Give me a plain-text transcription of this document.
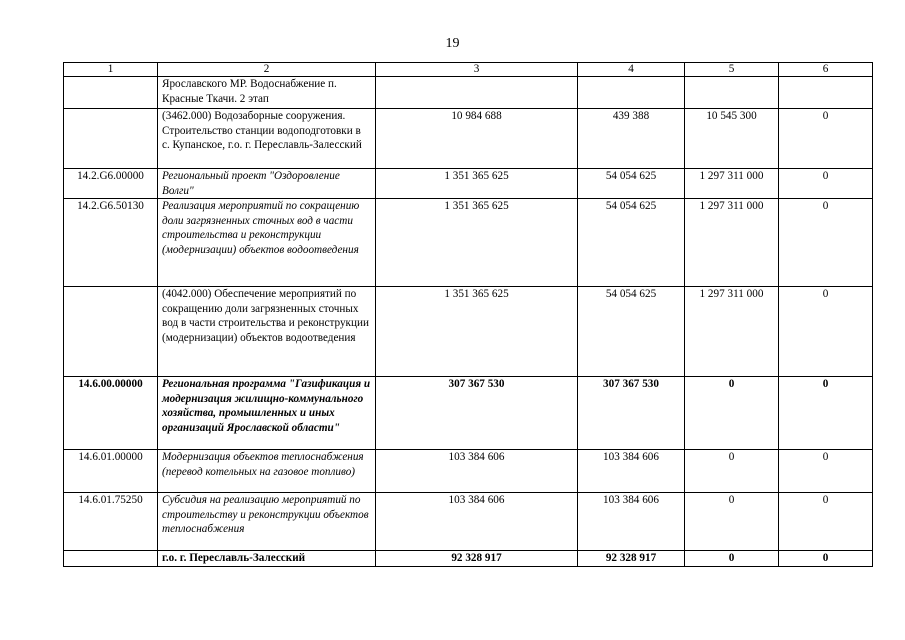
19
1	2	3	4	5	6
	Ярославского МР. Водоснабжение п. Красные Ткачи. 2 этап				
	(3462.000) Водозаборные сооружения. Строительство станции водоподготовки в с. Купанское, г.о. г. Переславль-Залесский	10 984 688	439 388	10 545 300	0
14.2.G6.00000	Региональный проект "Оздоровление Волги"	1 351 365 625	54 054 625	1 297 311 000	0
14.2.G6.50130	Реализация мероприятий по сокращению доли загрязненных сточных вод в части строительства и реконструкции (модернизации) объектов водоотведения	1 351 365 625	54 054 625	1 297 311 000	0
	(4042.000) Обеспечение мероприятий по сокращению доли загрязненных сточных вод в части строительства и реконструкции (модернизации) объектов водоотведения	1 351 365 625	54 054 625	1 297 311 000	0
14.6.00.00000	Региональная программа "Газификация и модернизация жилищно-коммунального хозяйства, промышленных и иных организаций Ярославской области"	307 367 530	307 367 530	0	0
14.6.01.00000	Модернизация объектов теплоснабжения (перевод котельных на газовое топливо)	103 384 606	103 384 606	0	0
14.6.01.75250	Субсидия на реализацию мероприятий по строительству и реконструкции объектов теплоснабжения	103 384 606	103 384 606	0	0
	г.о. г. Переславль-Залесский	92 328 917	92 328 917	0	0
